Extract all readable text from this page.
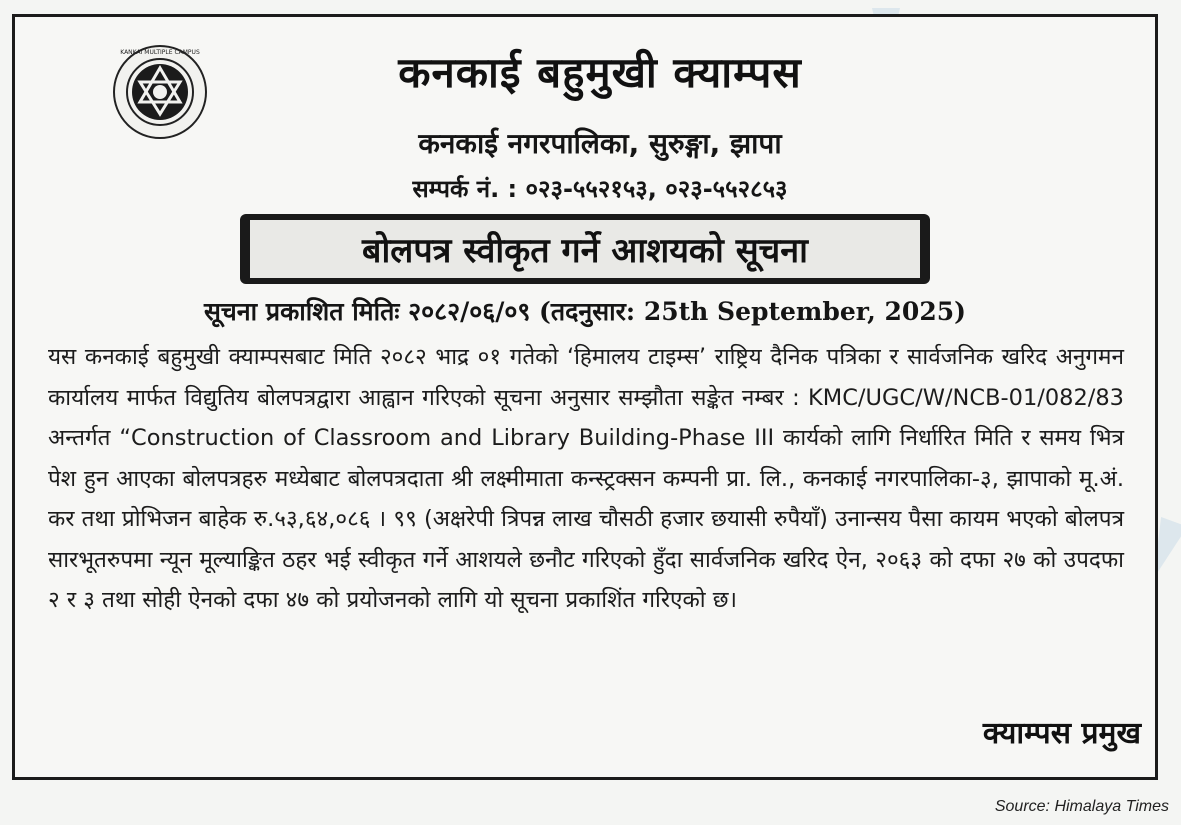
KANKAI MULTIPLE CAMPUS	कनकाई बहुमुखी क्याम्पस
कनकाई नगरपालिका, सुरुङ्गा, झापा
सम्पर्क नं. : ०२३-५५२१५३, ०२३-५५२८५३
बोलपत्र स्वीकृत गर्ने आशयको सूचना
सूचना प्रकाशित मितिः २०८२/०६/०९ (तदनुसार: 25th September, 2025)
यस कनकाई बहुमुखी क्याम्पसबाट मिति २०८२ भाद्र ०१ गतेको ‘हिमालय टाइम्स’ राष्ट्रिय दैनिक पत्रिका र सार्वजनिक खरिद अनुगमन कार्यालय मार्फत विद्युतिय बोलपत्रद्वारा आह्वान गरिएको सूचना अनुसार सम्झौता सङ्केत नम्बर : KMC/UGC/W/NCB-01/082/83 अन्तर्गत “Construction of Classroom and Library Building-Phase III कार्यको लागि निर्धारित मिति र समय भित्र पेश हुन आएका बोलपत्रहरु मध्येबाट बोलपत्रदाता श्री लक्ष्मीमाता कन्स्ट्रक्सन कम्पनी प्रा. लि., कनकाई नगरपालिका-३, झापाको मू.अं. कर तथा प्रोभिजन बाहेक रु.५३,६४,०८६ । ९९ (अक्षरेपी त्रिपन्न लाख चौसठी हजार छयासी रुपैयाँ) उनान्सय पैसा कायम भएको बोलपत्र सारभूतरुपमा न्यून मूल्याङ्कित ठहर भई स्वीकृत गर्ने आशयले छनौट गरिएको हुँदा सार्वजनिक खरिद ऐन, २०६३ को दफा २७ को उपदफा २ र ३ तथा सोही ऐनको दफा ४७ को प्रयोजनको लागि यो सूचना प्रकाशिंत गरिएको छ।
क्याम्पस प्रमुख
Source: Himalaya Times
